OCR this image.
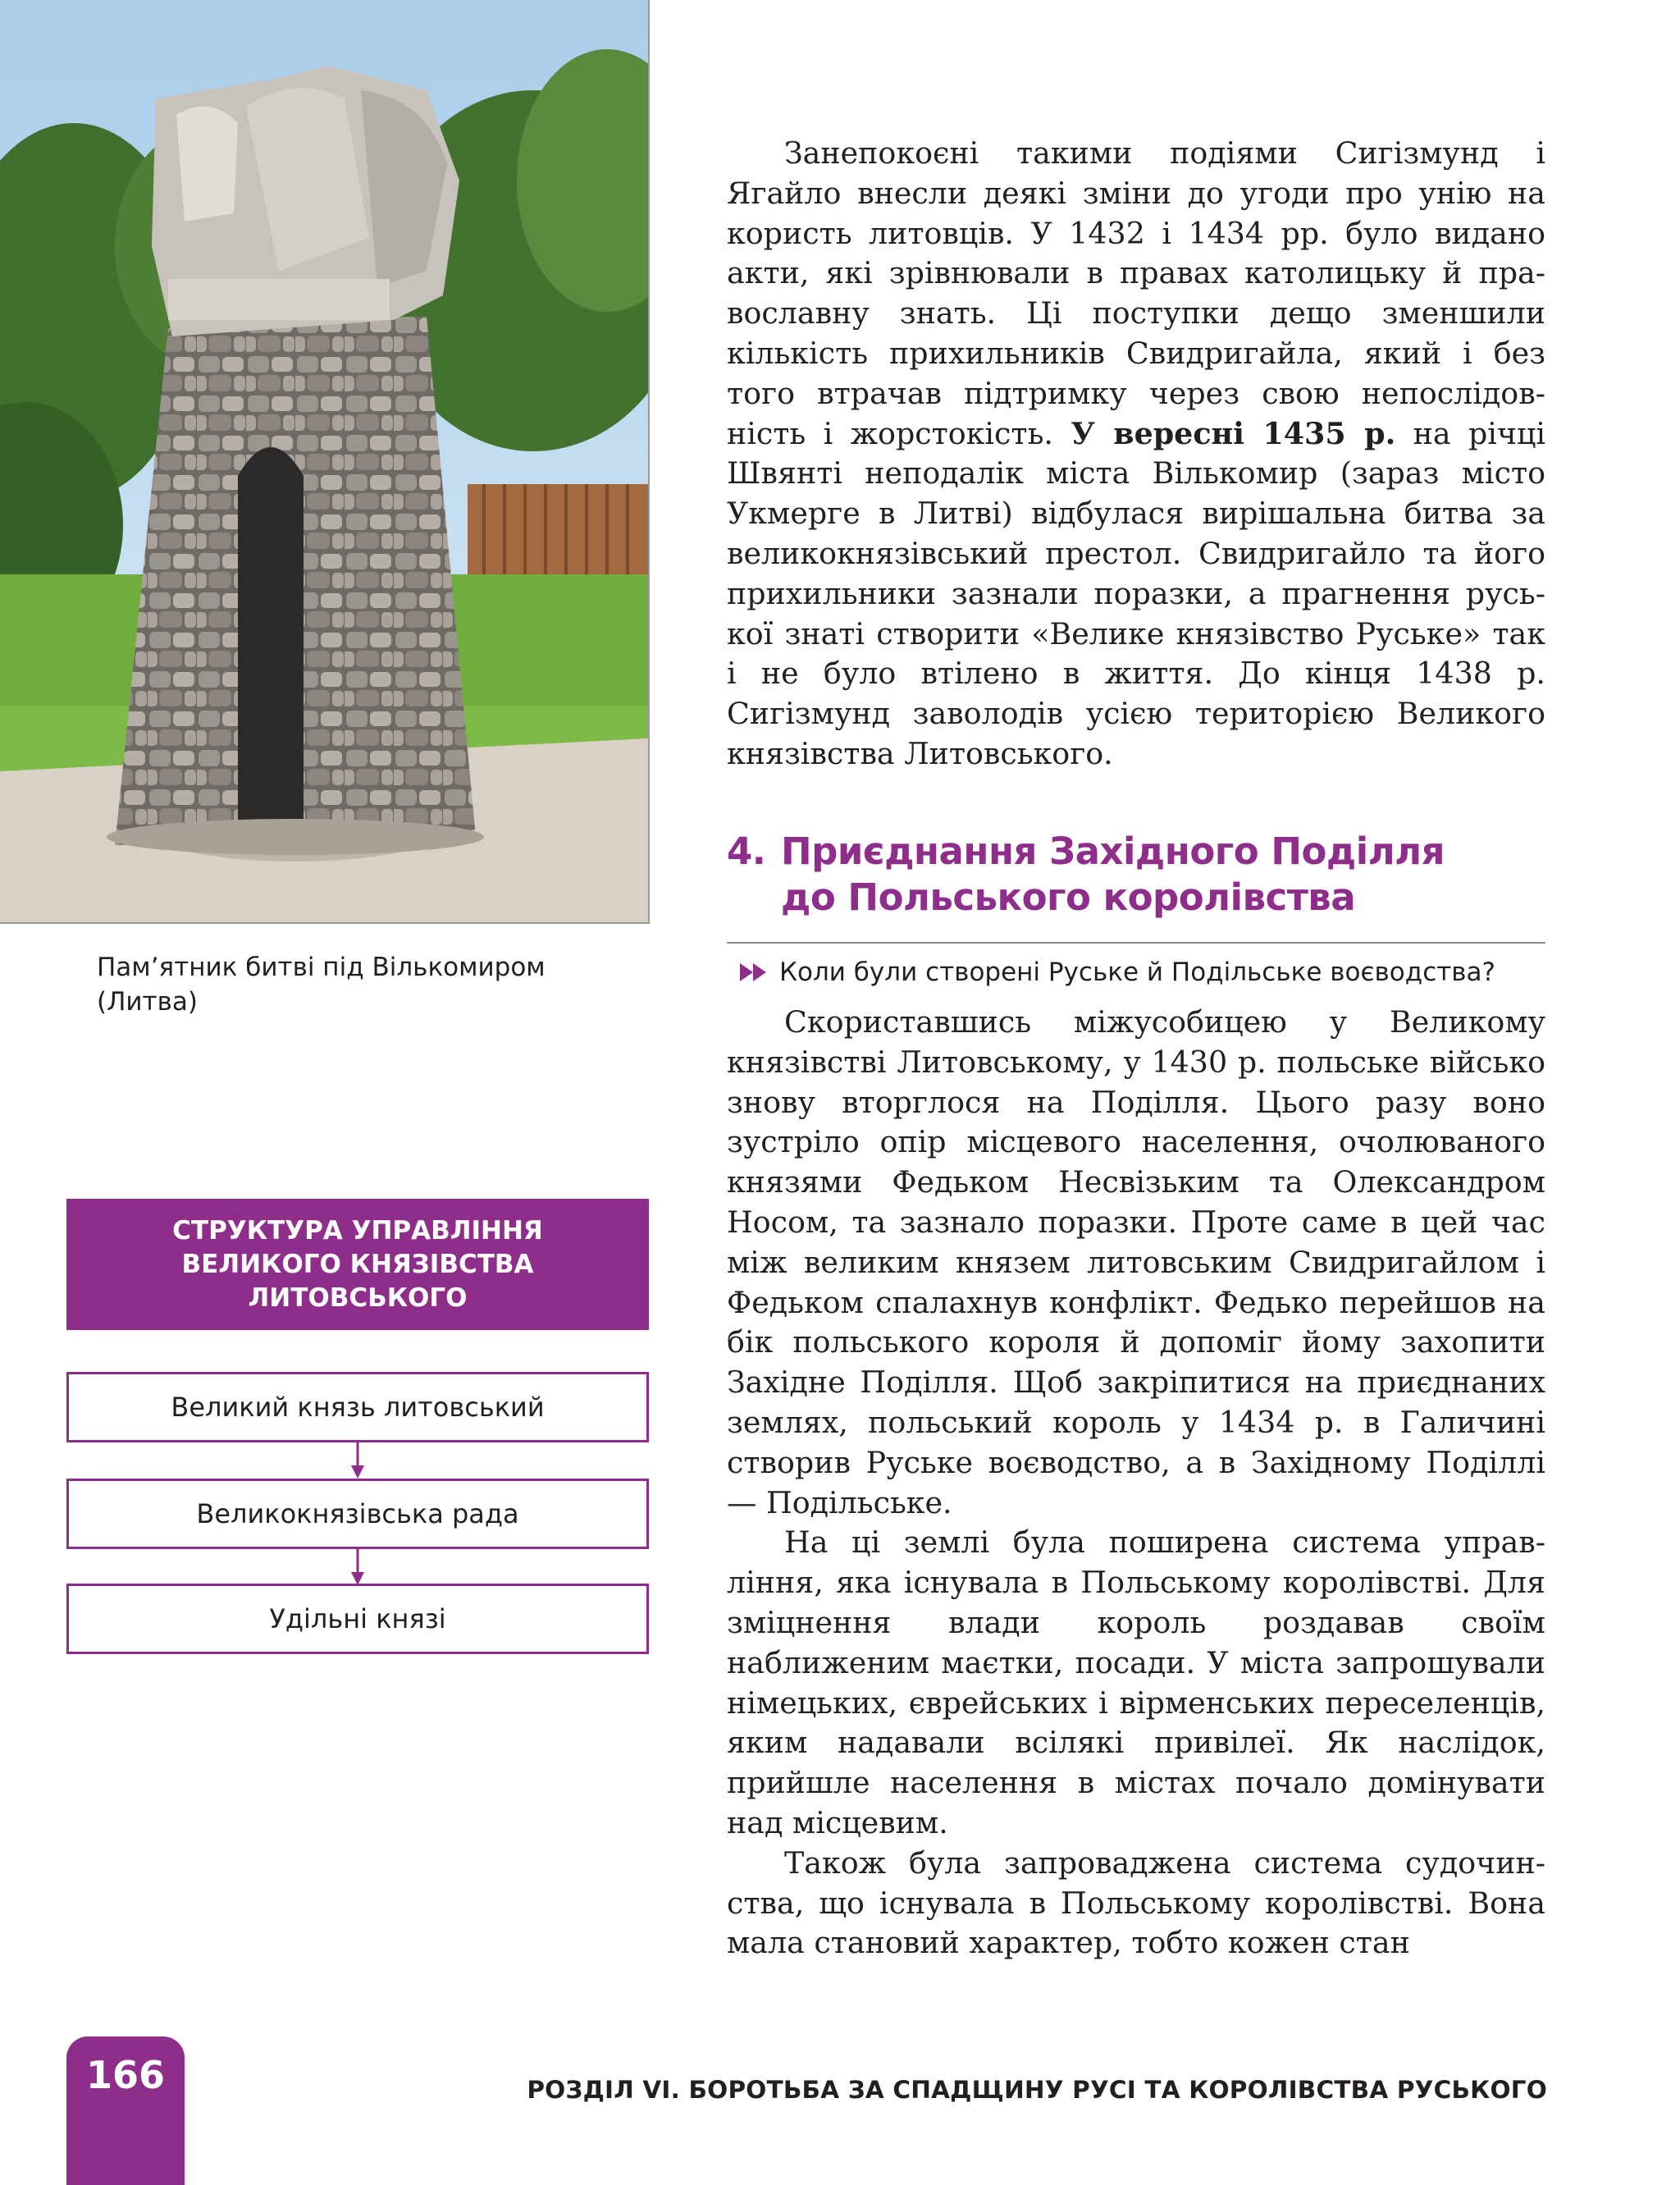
Пам’ятник битві під Вількомиром (Литва)
СТРУКТУРА УПРАВЛІННЯ ВЕЛИКОГО КНЯЗІВСТВА ЛИТОВСЬКОГО
Великий князь литовський
Великокнязівська рада
Удільні князі

Занепокоєні такими подіями Сигізмунд і Ягайло внесли деякі зміни до угоди про унію на користь литовців. У 1432 і 1434 рр. було видано акти, які зрівнювали в правах католицьку й православну знать. Ці поступки дещо зменшили кількість прихильників Свидригайла, який і без того втрачав підтримку через свою непослідовність і жорстокість. У вересні 1435 р. на річці Швянті неподалік міста Вількомир (зараз місто Укмерге в Литві) відбулася вирішальна битва за великокнязівський престол. Свидригайло та його прихильники зазнали поразки, а прагнення руської знаті створити «Велике князівство Руське» так і не було втілено в життя. До кінця 1438 р. Сигізмунд заволодів усією територією Великого князівства Литовського.

4. Приєднання Західного Поділля
до Польського королівства
Коли були створені Руське й Подільське воєводства?

Скориставшись міжусобицею у Великому князівстві Литовському, у 1430 р. польське військо знову вторглося на Поділля. Цього разу воно зустріло опір місцевого населення, очолюваного князями Федьком Несвізьким та Олександром Носом, та зазнало поразки. Проте саме в цей час між великим князем литовським Свидригайлом і Федьком спалахнув конфлікт. Федько перейшов на бік польського короля й допоміг йому захопити Західне Поділля. Щоб закріпитися на приєднаних землях, польський король у 1434 р. в Галичині створив Руське воєводство, а в Західному Поділлі — Подільське.

На ці землі була поширена система управління, яка існувала в Польському королівстві. Для зміцнення влади король роздавав своїм наближеним маєтки, посади. У міста запрошували німецьких, єврейських і вірменських переселенців, яким надавали всілякі привілеї. Як наслідок, прийшле населення в містах почало домінувати над місцевим.

Також була запроваджена система судочинства, що існувала в Польському королівстві. Вона мала становий характер, тобто кожен стан

166	РОЗДІЛ VI. БОРОТЬБА ЗА СПАДЩИНУ РУСІ ТА КОРОЛІВСТВА РУСЬКОГО
